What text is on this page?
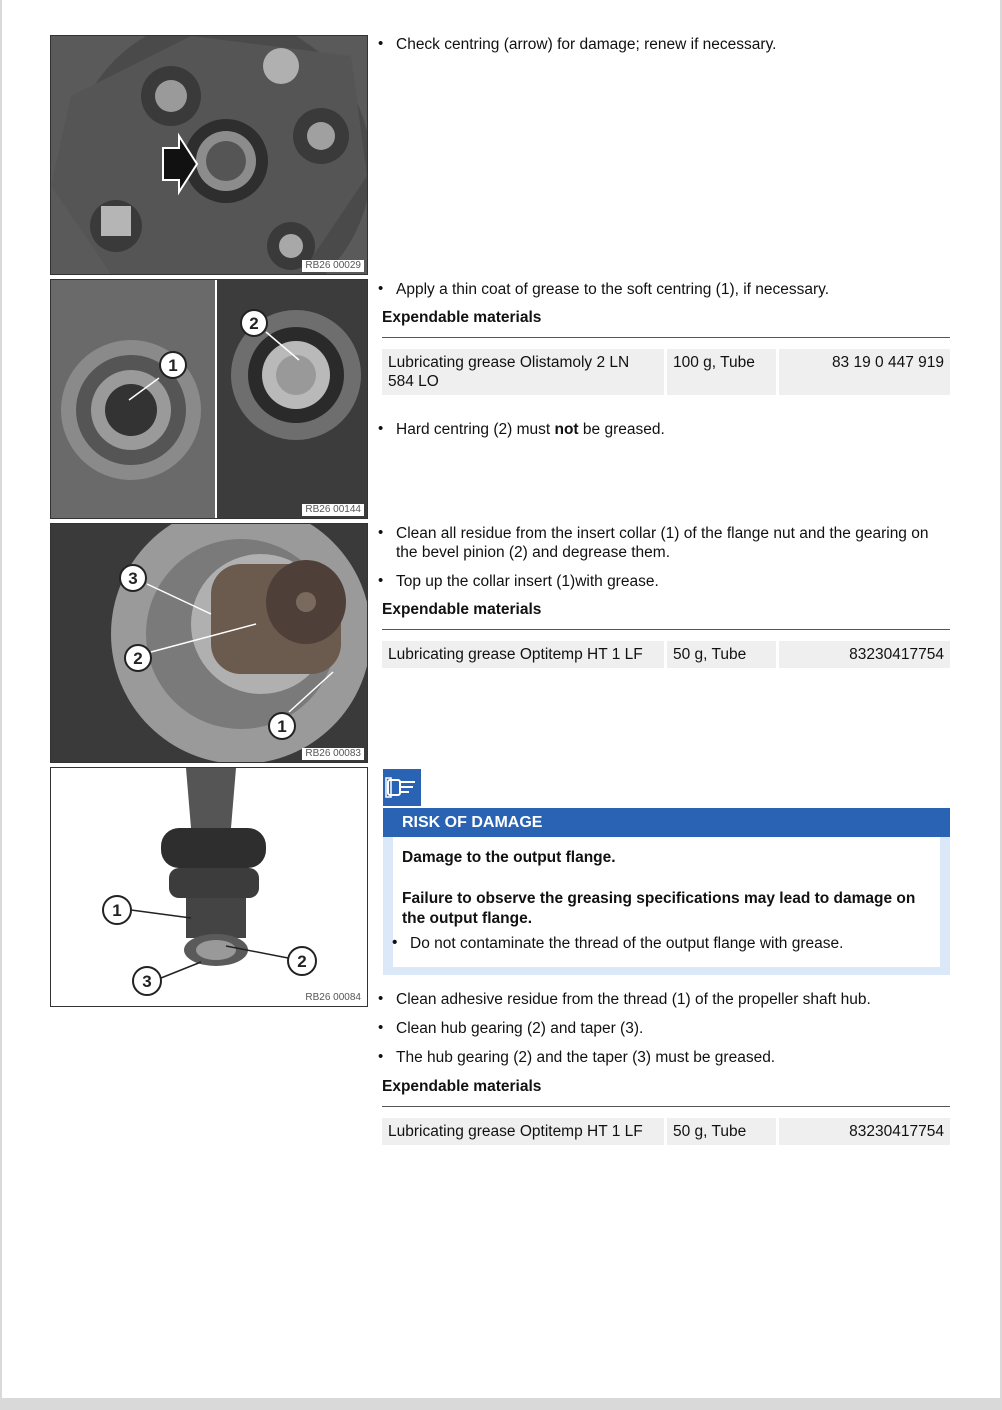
RB26 00029
1
2
RB26 00144
3
2
1
RB26 00083
1
2
3
RB26 00084
• Check centring (arrow) for damage; renew if necessary.
• Apply a thin coat of grease to the soft centring (1), if necessary.
Expendable materials
Lubricating grease Olistamoly 2 LN 584 LO
100 g, Tube	83 19 0 447 919
• Hard centring (2) must not be greased.
• Clean all residue from the insert collar (1) of the flange nut and the gearing on the bevel pinion (2) and degrease them.
• Top up the collar insert (1)with grease.
Expendable materials
Lubricating grease Optitemp HT 1 LF	50 g, Tube	83230417754
RISK OF DAMAGE
Damage to the output flange.
Failure to observe the greasing specifications may lead to damage on the output flange.
• Do not contaminate the thread of the output flange with grease.
• Clean adhesive residue from the thread (1) of the propeller shaft hub.
• Clean hub gearing (2) and taper (3).
• The hub gearing (2) and the taper (3) must be greased.
Expendable materials
Lubricating grease Optitemp HT 1 LF	50 g, Tube	83230417754
